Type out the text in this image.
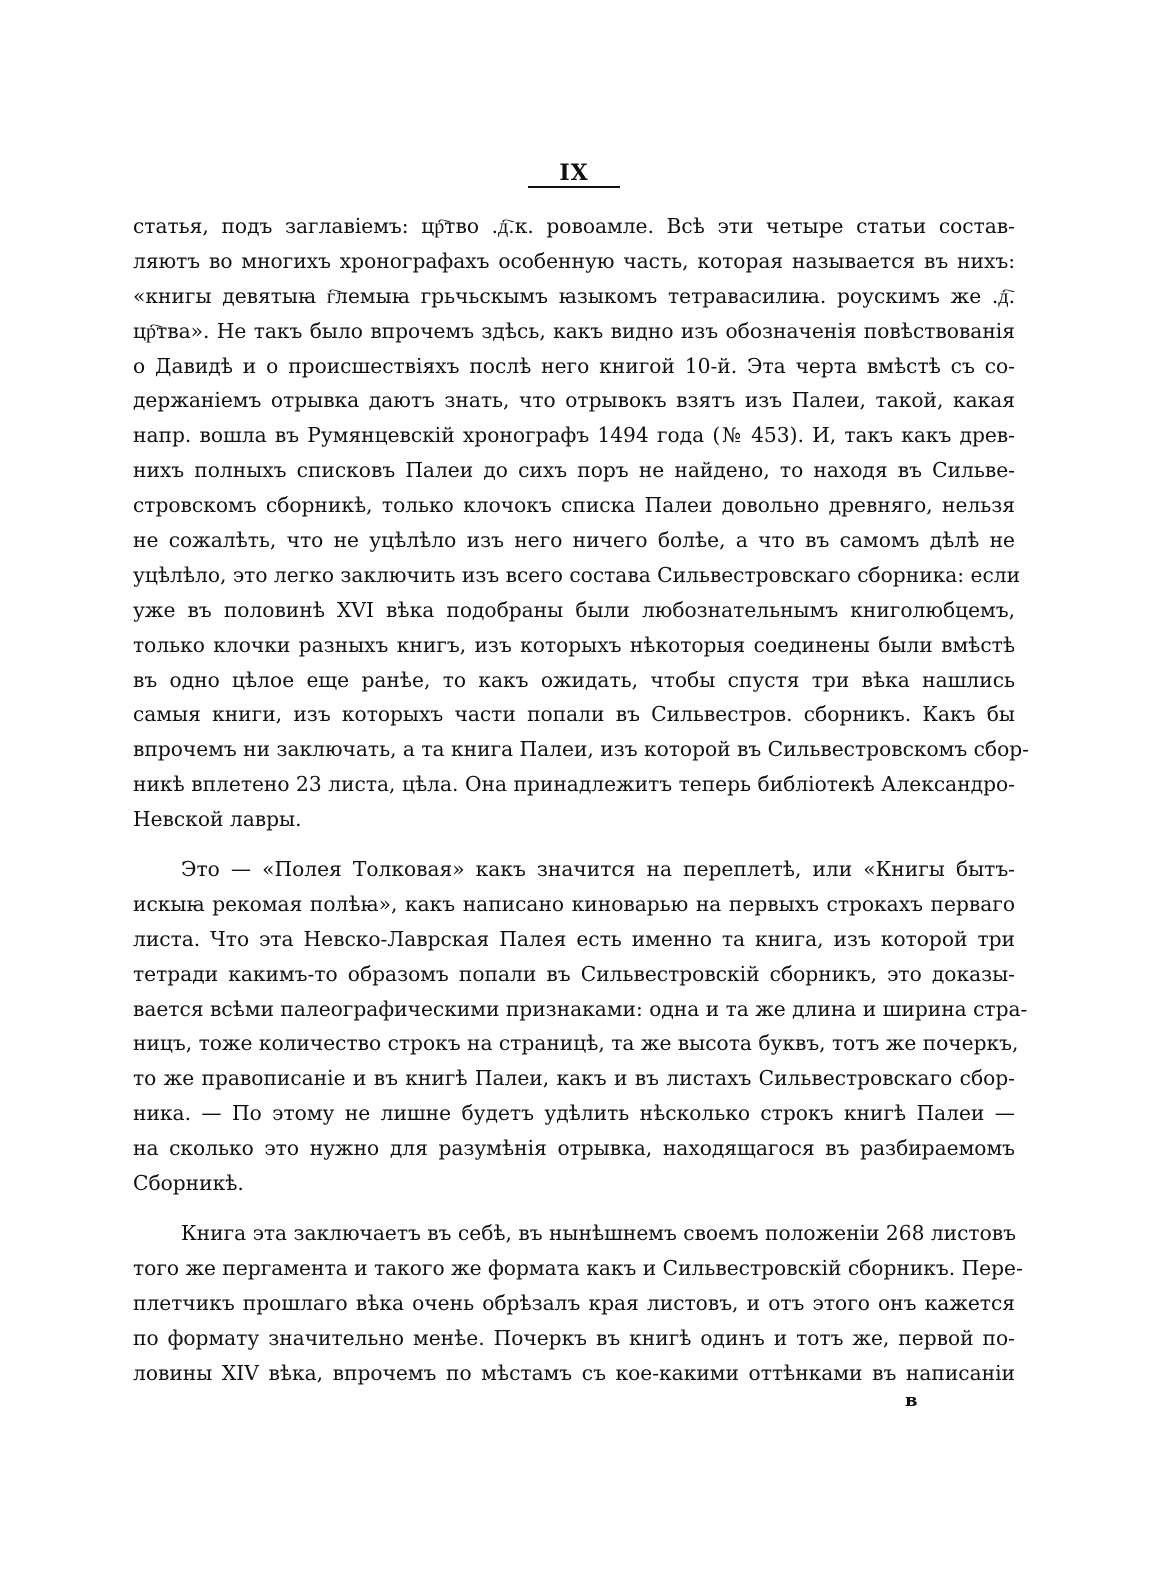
IX
статья, подъ заглавіемъ: цр҇тво .д҇.к. ровоамле. Всѣ эти четыре статьи состав-
ляютъ во многихъ хронографахъ особенную часть, которая называется въ нихъ:
«книгы девятыꙗ г҇лемыꙗ грьчьскымъ ꙗзыкомъ тетравасилиꙗ. роускимъ же .д҇.
цр҇тва». Не такъ было впрочемъ здѣсь, какъ видно изъ обозначенія повѣствованія
о Давидѣ и о происшествіяхъ послѣ него книгой 10-й. Эта черта вмѣстѣ съ со-
держаніемъ отрывка даютъ знать, что отрывокъ взятъ изъ Палеи, такой, какая
напр. вошла въ Румянцевскій хронографъ 1494 года (№ 453). И, такъ какъ древ-
нихъ полныхъ списковъ Палеи до сихъ поръ не найдено, то находя въ Сильве-
стровскомъ сборникѣ, только клочокъ списка Палеи довольно древняго, нельзя
не сожалѣть, что не уцѣлѣло изъ него ничего болѣе, а что въ самомъ дѣлѣ не
уцѣлѣло, это легко заключить изъ всего состава Сильвестровскаго сборника: если
уже въ половинѣ XVI вѣка подобраны были любознательнымъ книголюбцемъ,
только клочки разныхъ книгъ, изъ которыхъ нѣкоторыя соединены были вмѣстѣ
въ одно цѣлое еще ранѣе, то какъ ожидать, чтобы спустя три вѣка нашлись
самыя книги, изъ которыхъ части попали въ Сильвестров. сборникъ. Какъ бы
впрочемъ ни заключать, а та книга Палеи, изъ которой въ Сильвестровскомъ сбор-
никѣ вплетено 23 листа, цѣла. Она принадлежитъ теперь библіотекѣ Александро-
Невской лавры.
Это — «Полея Толковая» какъ значится на переплетѣ, или «Книгы бытъ-
искыꙗ рекомая полѣꙗ», какъ написано киноварью на первыхъ строкахъ перваго
листа. Что эта Невско-Лаврская Палея есть именно та книга, изъ которой три
тетради какимъ-то образомъ попали въ Сильвестровскій сборникъ, это доказы-
вается всѣми палеографическими признаками: одна и та же длина и ширина стра-
ницъ, тоже количество строкъ на страницѣ, та же высота буквъ, тотъ же почеркъ,
то же правописаніе и въ книгѣ Палеи, какъ и въ листахъ Сильвестровскаго сбор-
ника. — По этому не лишне будетъ удѣлить нѣсколько строкъ книгѣ Палеи —
на сколько это нужно для разумѣнія отрывка, находящагося въ разбираемомъ
Сборникѣ.
Книга эта заключаетъ въ себѣ, въ нынѣшнемъ своемъ положеніи 268 листовъ
того же пергамента и такого же формата какъ и Сильвестровскій сборникъ. Пере-
плетчикъ прошлаго вѣка очень обрѣзалъ края листовъ, и отъ этого онъ кажется
по формату значительно менѣе. Почеркъ въ книгѣ одинъ и тотъ же, первой по-
ловины XIV вѣка, впрочемъ по мѣстамъ съ кое-какими оттѣнками въ написаніи
в
